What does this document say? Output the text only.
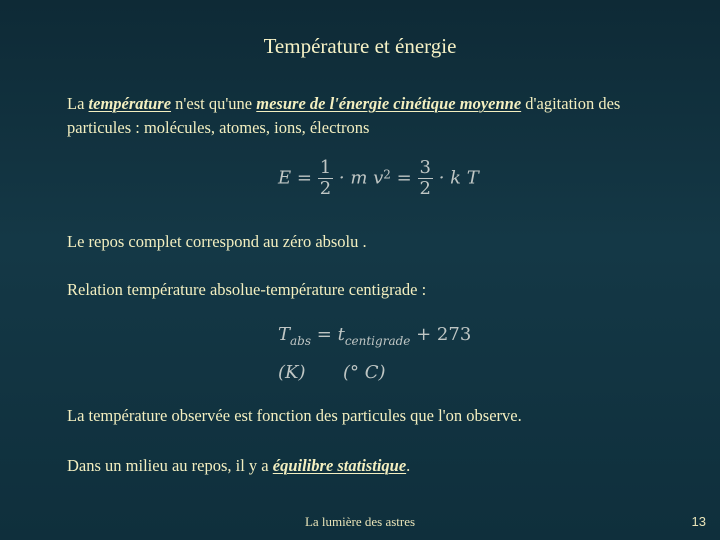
Température et énergie
La température n'est qu'une mesure de l'énergie cinétique moyenne d'agitation des particules : molécules, atomes, ions, électrons
$E = \frac{1}{2} \cdot m$ $v^2 = \frac{3}{2} \cdot k$ T
Le repos complet correspond au zéro absolu .
Relation température absolue-température centigrade :
$T_{abs} = t_{centigrade} + 273$
(K) (° C)
La température observée est fonction des particules que l'on observe.
Dans un milieu au repos, il y a équilibre statistique.
La lumière des astres	13
